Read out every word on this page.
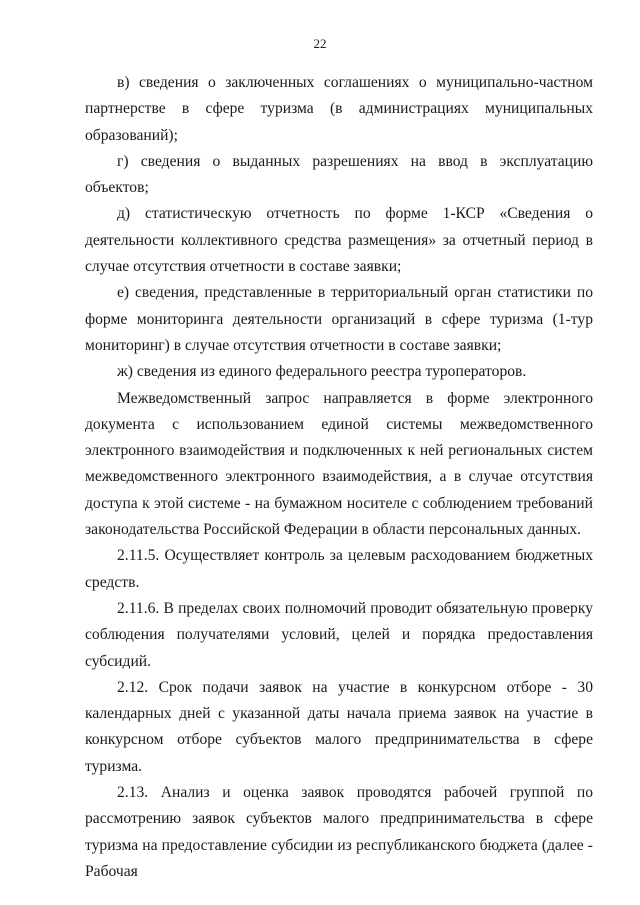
22

в) сведения о заключенных соглашениях о муниципально-частном партнерстве в сфере туризма (в администрациях муниципальных образований);

г) сведения о выданных разрешениях на ввод в эксплуатацию объектов;

д) статистическую отчетность по форме 1-КСР «Сведения о деятельности коллективного средства размещения» за отчетный период в случае отсутствия отчетности в составе заявки;

е) сведения, представленные в территориальный орган статистики по форме мониторинга деятельности организаций в сфере туризма (1-тур мониторинг) в случае отсутствия отчетности в составе заявки;

ж) сведения из единого федерального реестра туроператоров.

Межведомственный запрос направляется в форме электронного документа с использованием единой системы межведомственного электронного взаимодействия и подключенных к ней региональных систем межведомственного электронного взаимодействия, а в случае отсутствия доступа к этой системе - на бумажном носителе с соблюдением требований законодательства Российской Федерации в области персональных данных.

2.11.5. Осуществляет контроль за целевым расходованием бюджетных средств.

2.11.6. В пределах своих полномочий проводит обязательную проверку соблюдения получателями условий, целей и порядка предоставления субсидий.

2.12. Срок подачи заявок на участие в конкурсном отборе - 30 календарных дней с указанной даты начала приема заявок на участие в конкурсном отборе субъектов малого предпринимательства в сфере туризма.

2.13. Анализ и оценка заявок проводятся рабочей группой по рассмотрению заявок субъектов малого предпринимательства в сфере туризма на предоставление субсидии из республиканского бюджета (далее - Рабочая
